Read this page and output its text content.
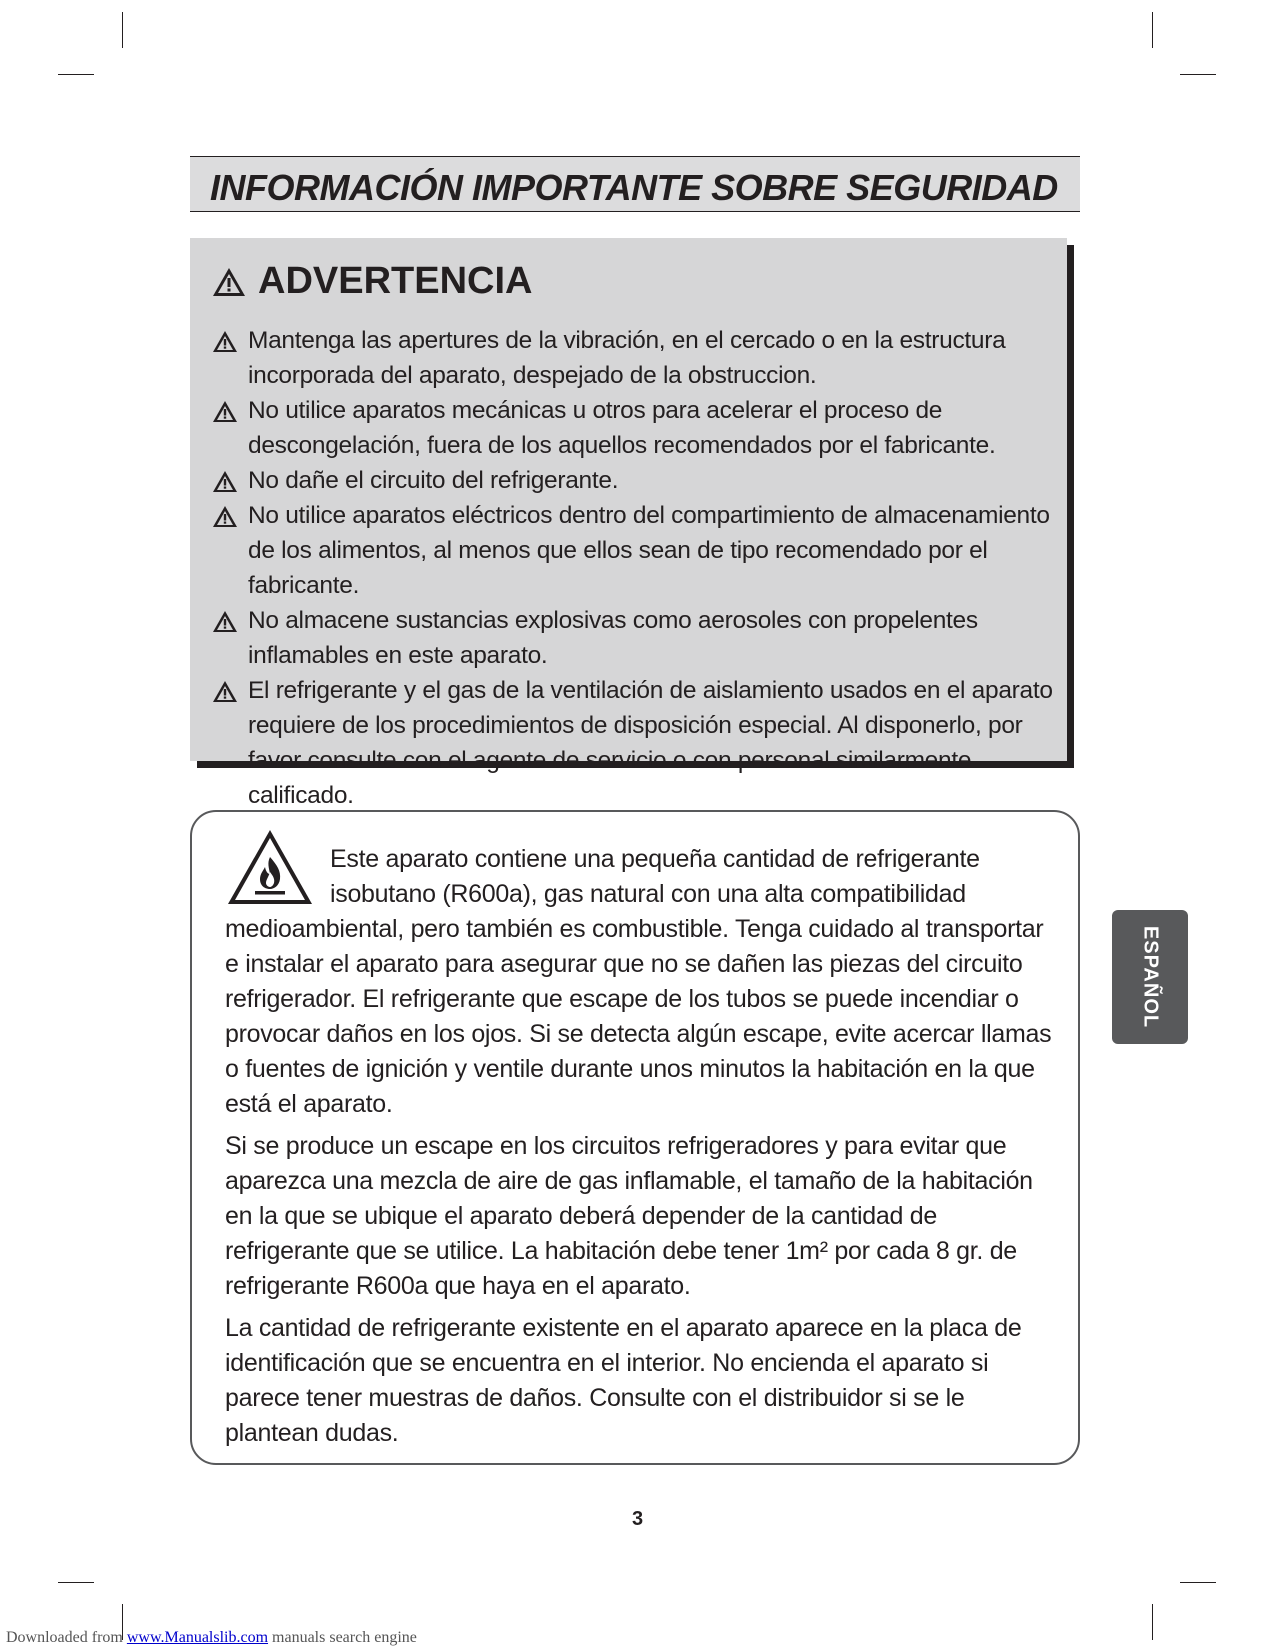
INFORMACIÓN IMPORTANTE SOBRE SEGURIDAD
ADVERTENCIA
Mantenga las apertures de la vibración, en el cercado o en la estructura incorporada del aparato, despejado de la obstruccion.
No utilice aparatos mecánicas u otros para acelerar el proceso de descongelación, fuera de los aquellos recomendados por el fabricante.
No dañe el circuito del refrigerante.
No utilice aparatos eléctricos dentro del compartimiento de almacenamiento de los alimentos, al menos que ellos sean de tipo recomendado por el fabricante.
No almacene sustancias explosivas como aerosoles con propelentes inflamables en este aparato.
El refrigerante y el gas de la ventilación de aislamiento usados en el aparato requiere de los procedimientos de disposición especial. Al disponerlo, por favor consulte con el agente de servicio o con personal similarmente calificado.

Este aparato contiene una pequeña cantidad de refrigerante isobutano (R600a), gas natural con una alta compatibilidad medioambiental, pero también es combustible. Tenga cuidado al transportar e instalar el aparato para asegurar que no se dañen las piezas del circuito refrigerador. El refrigerante que escape de los tubos se puede incendiar o provocar daños en los ojos. Si se detecta algún escape, evite acercar llamas o fuentes de ignición y ventile durante unos minutos la habitación en la que está el aparato.

Si se produce un escape en los circuitos refrigeradores y para evitar que aparezca una mezcla de aire de gas inflamable, el tamaño de la habitación en la que se ubique el aparato deberá depender de la cantidad de refrigerante que se utilice. La habitación debe tener 1m² por cada 8 gr. de refrigerante R600a que haya en el aparato.

La cantidad de refrigerante existente en el aparato aparece en la placa de identificación que se encuentra en el interior. No encienda el aparato si parece tener muestras de daños. Consulte con el distribuidor si se le plantean dudas.

ESPAÑOL
3
Downloaded from www.Manualslib.com manuals search engine
